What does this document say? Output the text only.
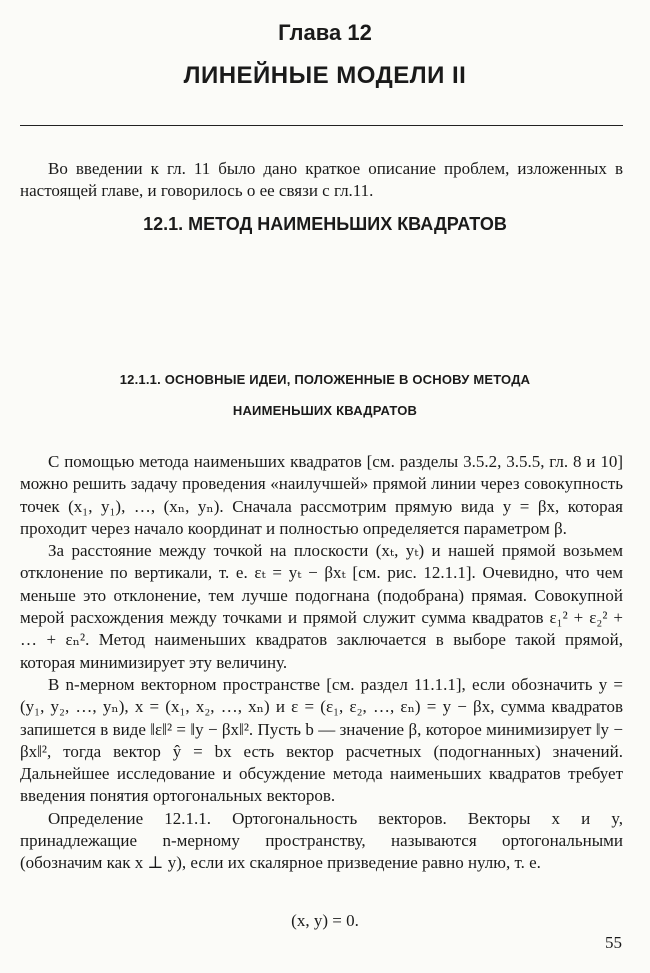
Глава 12
ЛИНЕЙНЫЕ МОДЕЛИ II

Во введении к гл. 11 было дано краткое описание проблем, изложенных в настоящей главе, и говорилось о ее связи с гл.11.

12.1. МЕТОД НАИМЕНЬШИХ КВАДРАТОВ
12.1.1. ОСНОВНЫЕ ИДЕИ, ПОЛОЖЕННЫЕ В ОСНОВУ МЕТОДА
НАИМЕНЬШИХ КВАДРАТОВ

С помощью метода наименьших квадратов [см. разделы 3.5.2, 3.5.5, гл. 8 и 10] можно решить задачу проведения «наилучшей» прямой линии через совокупность точек (x₁, y₁), …, (xₙ, yₙ). Сначала рассмотрим прямую вида y = βx, которая проходит через начало координат и полностью определяется параметром β.

За расстояние между точкой на плоскости (xₜ, yₜ) и нашей прямой возьмем отклонение по вертикали, т. е. εₜ = yₜ − βxₜ [см. рис. 12.1.1]. Очевидно, что чем меньше это отклонение, тем лучше подогнана (подобрана) прямая. Совокупной мерой расхождения между точками и прямой служит сумма квадратов ε₁² + ε₂² + … + εₙ². Метод наименьших квадратов заключается в выборе такой прямой, которая минимизирует эту величину.

В n-мерном векторном пространстве [см. раздел 11.1.1], если обозначить y = (y₁, y₂, …, yₙ), x = (x₁, x₂, …, xₙ) и ε = (ε₁, ε₂, …, εₙ) = y − βx, сумма квадратов запишется в виде ‖ε‖² = ‖y − βx‖². Пусть b — значение β, которое минимизирует ‖y − βx‖², тогда вектор ŷ = bx есть вектор расчетных (подогнанных) значений. Дальнейшее исследование и обсуждение метода наименьших квадратов требует введения понятия ортогональных векторов.

Определение 12.1.1. Ортогональность векторов. Векторы x и y, принадлежащие n-мерному пространству, называются ортогональными (обозначим как x ⊥ y), если их скалярное призведение равно нулю, т. е.

(x, y) = 0.
55
